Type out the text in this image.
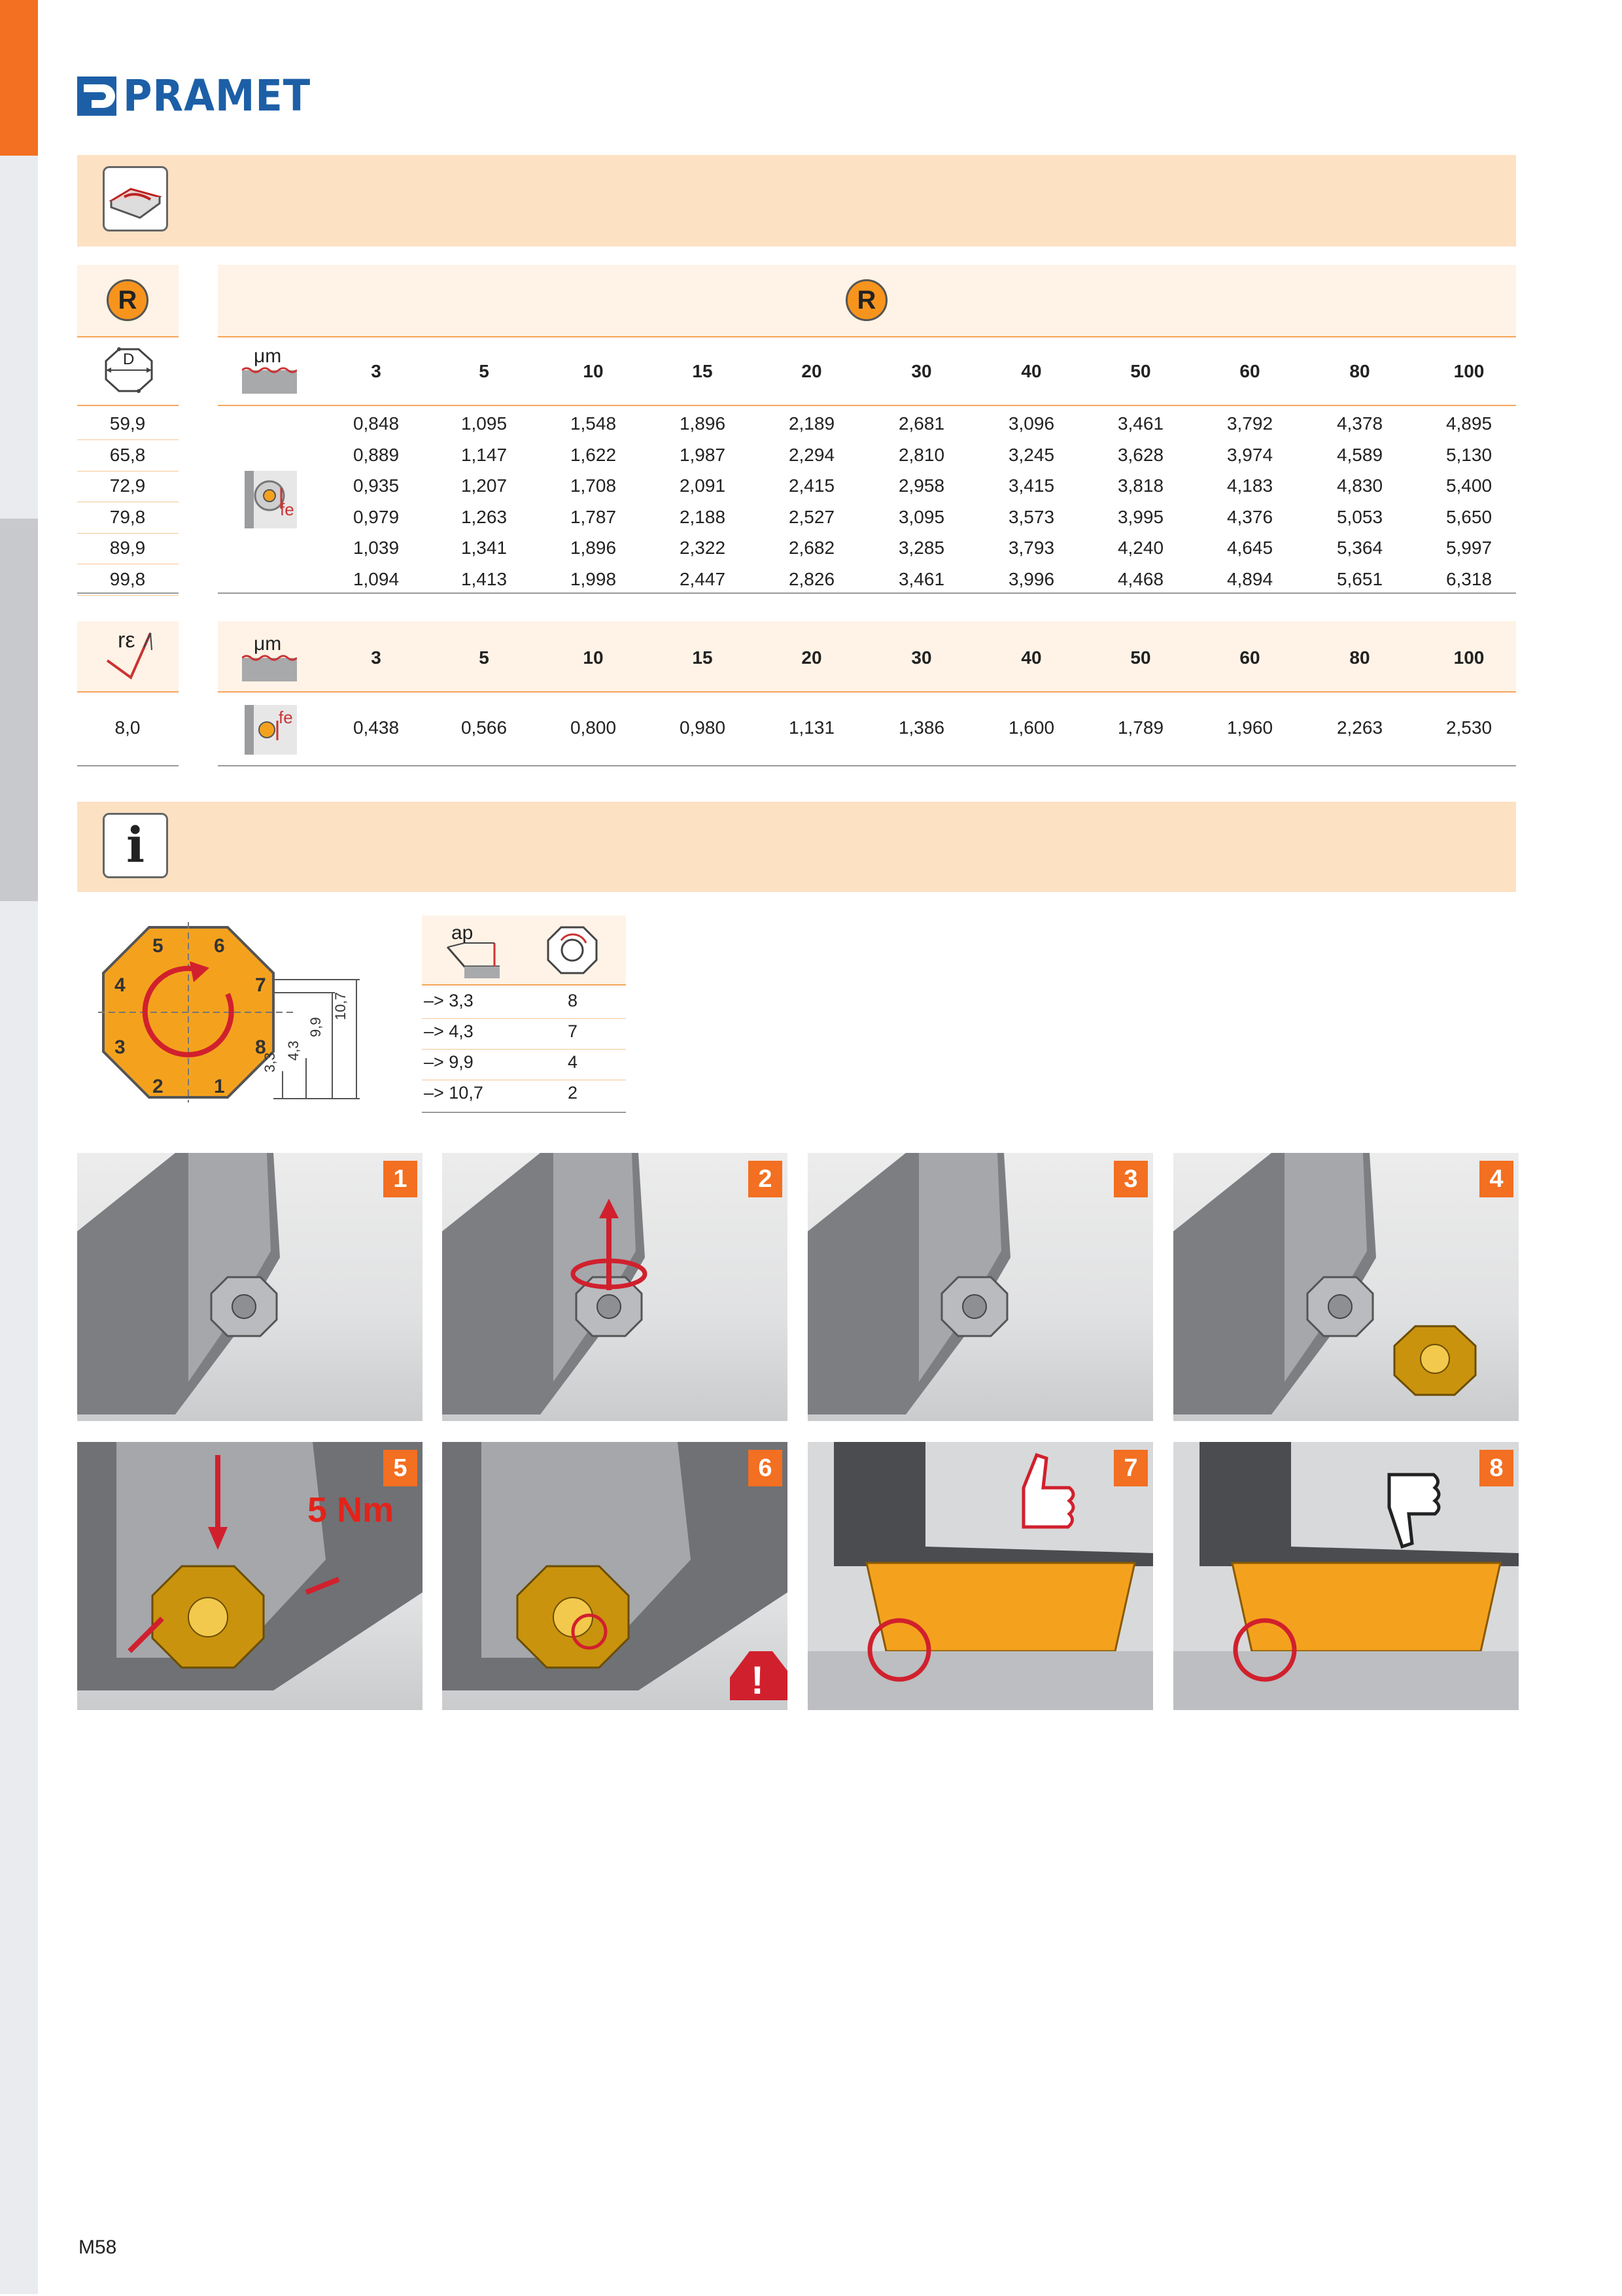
PRAMET
R	R
D	μm
3	5	10	15	20	30	40	50	60	80	100
59,9	0,848	1,095	1,548	1,896	2,189	2,681	3,096	3,461	3,792	4,378	4,895
65,8	0,889	1,147	1,622	1,987	2,294	2,810	3,245	3,628	3,974	4,589	5,130
72,9	0,935	1,207	1,708	2,091	2,415	2,958	3,415	3,818	4,183	4,830	5,400
79,8	0,979	1,263	1,787	2,188	2,527	3,095	3,573	3,995	4,376	5,053	5,650
89,9	1,039	1,341	1,896	2,322	2,682	3,285	3,793	4,240	4,645	5,364	5,997
99,8	1,094	1,413	1,998	2,447	2,826	3,461	3,996	4,468	4,894	5,651	6,318
fe
rε	μm
3	5	10	15	20	30	40	50	60	80	100
8,0	0,438	0,566	0,800	0,980	1,131	1,386	1,600	1,789	1,960	2,263	2,530
fe
i
5	6
4	7
3	8
2	1
3,3
4,3
9,9
10,7
ap
–> 3,3	8
–> 4,3	7
–> 9,9	4
–> 10,7	2
1	2	3	4
5
!
6	7	8
5 Nm
M58
